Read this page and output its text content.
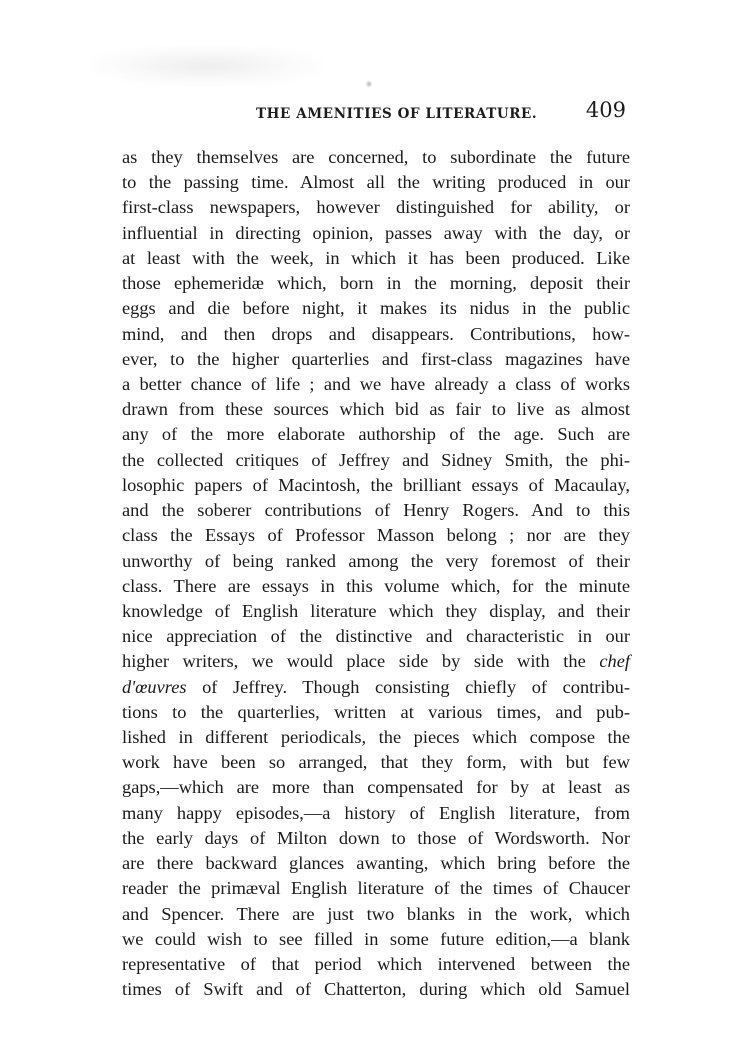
THE AMENITIES OF LITERATURE. 409
as they themselves are concerned, to subordinate the future
to the passing time. Almost all the writing produced in our
first-class newspapers, however distinguished for ability, or
influential in directing opinion, passes away with the day, or
at least with the week, in which it has been produced. Like
those ephemeridæ which, born in the morning, deposit their
eggs and die before night, it makes its nidus in the public
mind, and then drops and disappears. Contributions, how-
ever, to the higher quarterlies and first-class magazines have
a better chance of life ; and we have already a class of works
drawn from these sources which bid as fair to live as almost
any of the more elaborate authorship of the age. Such are
the collected critiques of Jeffrey and Sidney Smith, the phi-
losophic papers of Macintosh, the brilliant essays of Macaulay,
and the soberer contributions of Henry Rogers. And to this
class the Essays of Professor Masson belong ; nor are they
unworthy of being ranked among the very foremost of their
class. There are essays in this volume which, for the minute
knowledge of English literature which they display, and their
nice appreciation of the distinctive and characteristic in our
higher writers, we would place side by side with the chef
d'œuvres of Jeffrey. Though consisting chiefly of contribu-
tions to the quarterlies, written at various times, and pub-
lished in different periodicals, the pieces which compose the
work have been so arranged, that they form, with but few
gaps,—which are more than compensated for by at least as
many happy episodes,—a history of English literature, from
the early days of Milton down to those of Wordsworth. Nor
are there backward glances awanting, which bring before the
reader the primæval English literature of the times of Chaucer
and Spencer. There are just two blanks in the work, which
we could wish to see filled in some future edition,—a blank
representative of that period which intervened between the
times of Swift and of Chatterton, during which old Samuel
